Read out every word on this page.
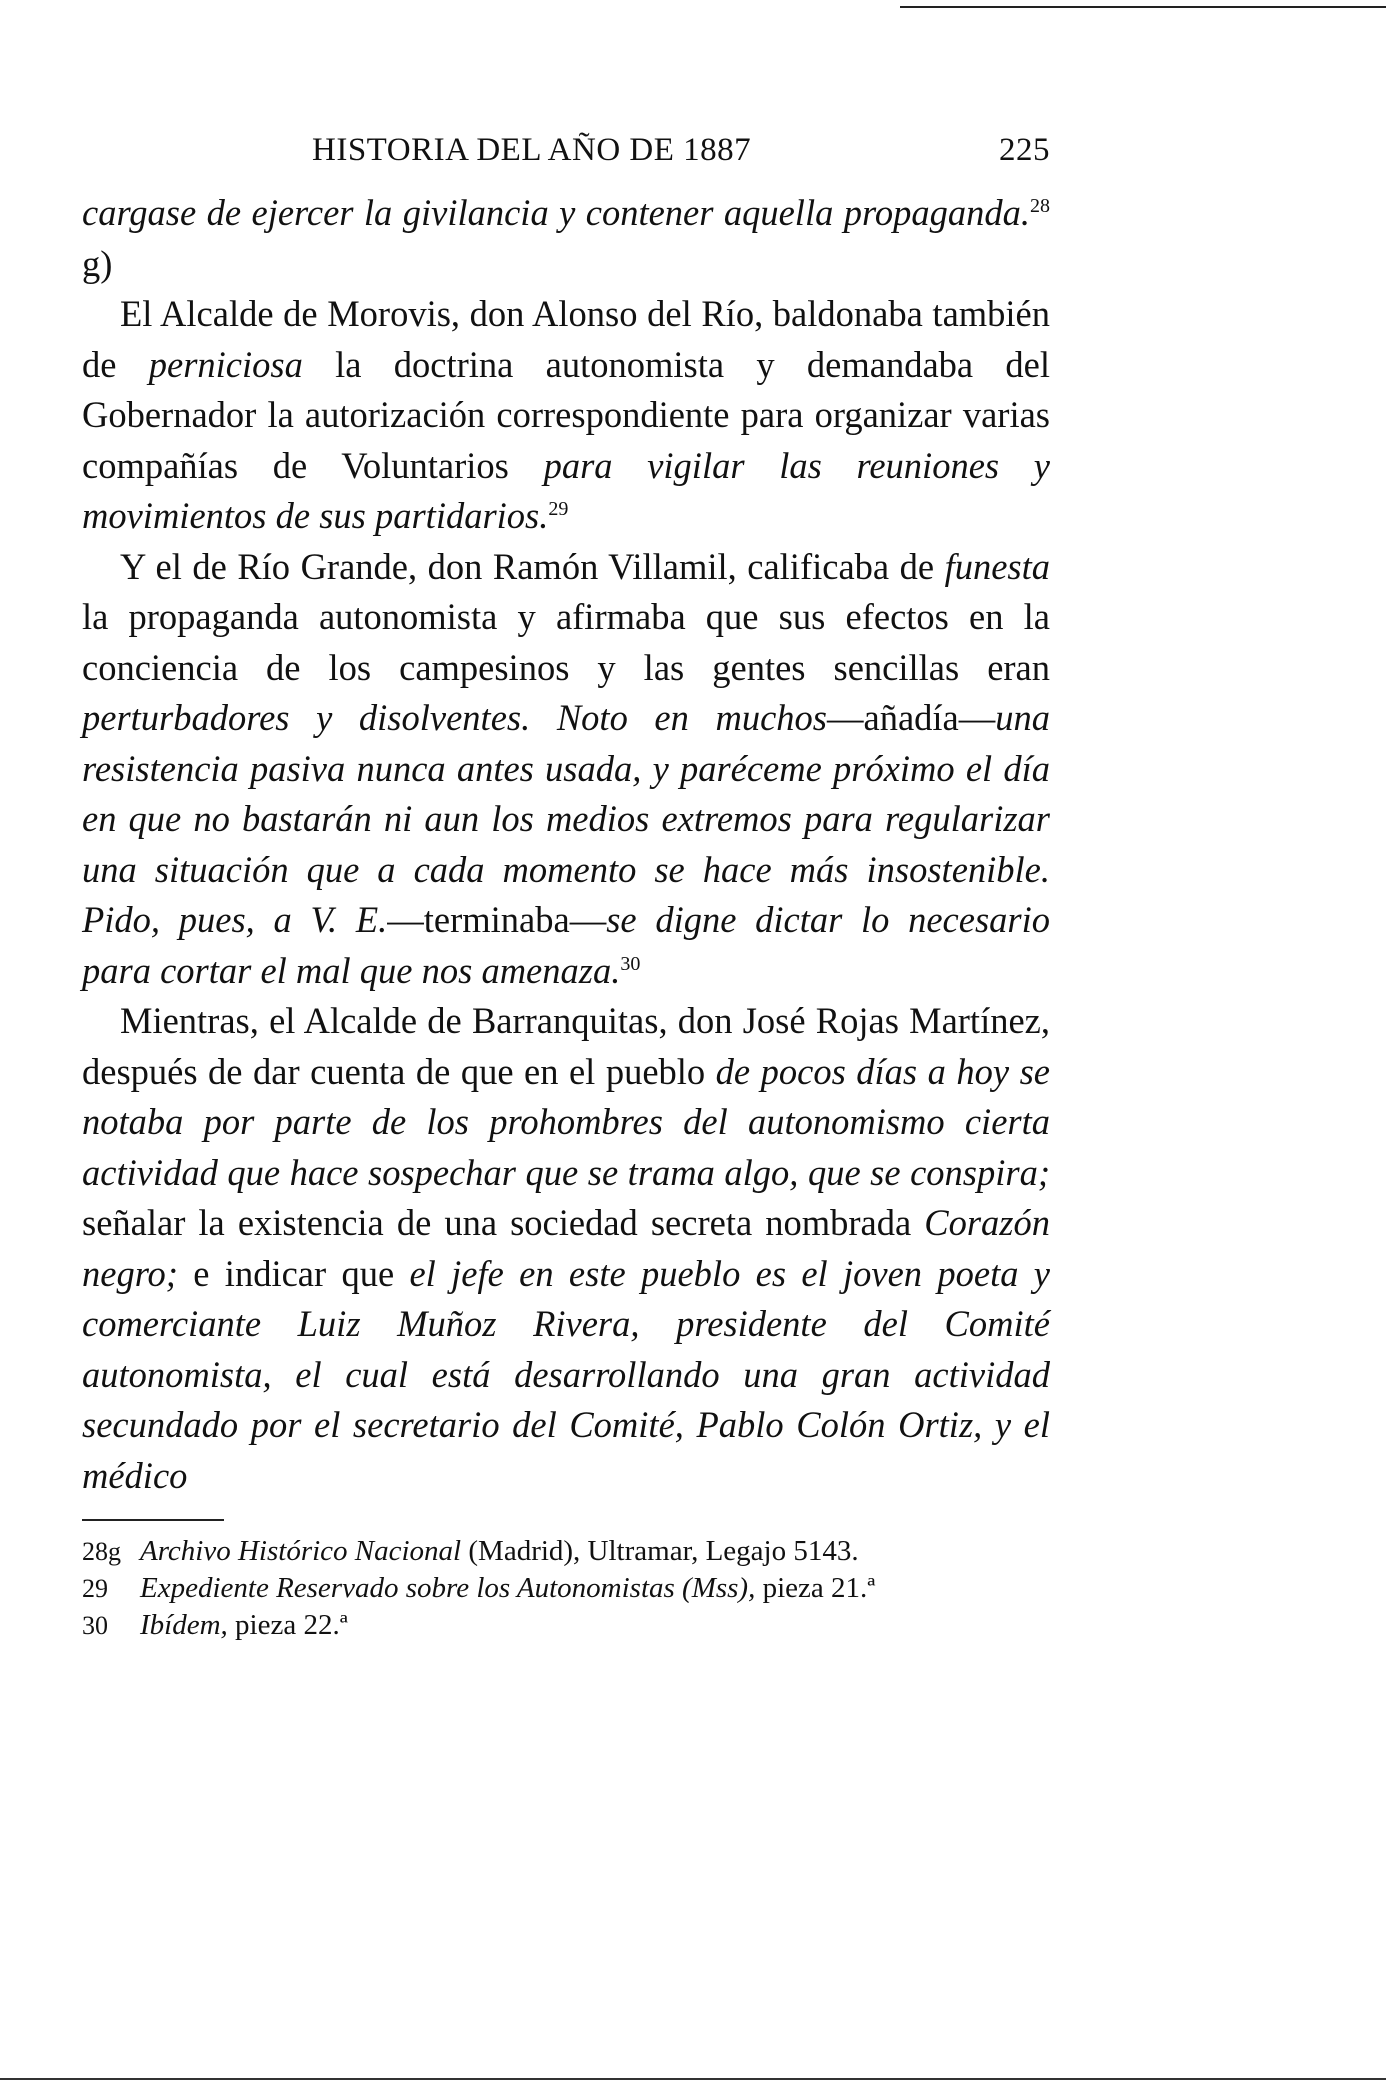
HISTORIA DEL AÑO DE 1887	225

cargase de ejercer la givilancia y contener aquella propaganda.$^{28}$ g)

El Alcalde de Morovis, don Alonso del Río, baldonaba también de perniciosa la doctrina autonomista y demandaba del Gobernador la autorización correspondiente para organizar varias compañías de Voluntarios para vigilar las reuniones y movimientos de sus partidarios.$^{29}$

Y el de Río Grande, don Ramón Villamil, calificaba de funesta la propaganda autonomista y afirmaba que sus efectos en la conciencia de los campesinos y las gentes sencillas eran perturbadores y disolventes. Noto en muchos—añadía—una resistencia pasiva nunca antes usada, y paréceme próximo el día en que no bastarán ni aun los medios extremos para regularizar una situación que a cada momento se hace más insostenible. Pido, pues, a V. E.—terminaba—se digne dictar lo necesario para cortar el mal que nos amenaza.$^{30}$

Mientras, el Alcalde de Barranquitas, don José Rojas Martínez, después de dar cuenta de que en el pueblo de pocos días a hoy se notaba por parte de los prohombres del autonomismo cierta actividad que hace sospechar que se trama algo, que se conspira; señalar la existencia de una sociedad secreta nombrada Corazón negro; e indicar que el jefe en este pueblo es el joven poeta y comerciante Luiz Muñoz Rivera, presidente del Comité autonomista, el cual está desarrollando una gran actividad secundado por el secretario del Comité, Pablo Colón Ortiz, y el médico

28g Archivo Histórico Nacional (Madrid), Ultramar, Legajo 5143.
29 Expediente Reservado sobre los Autonomistas (Mss), pieza 21.ª
30 Ibídem, pieza 22.ª
